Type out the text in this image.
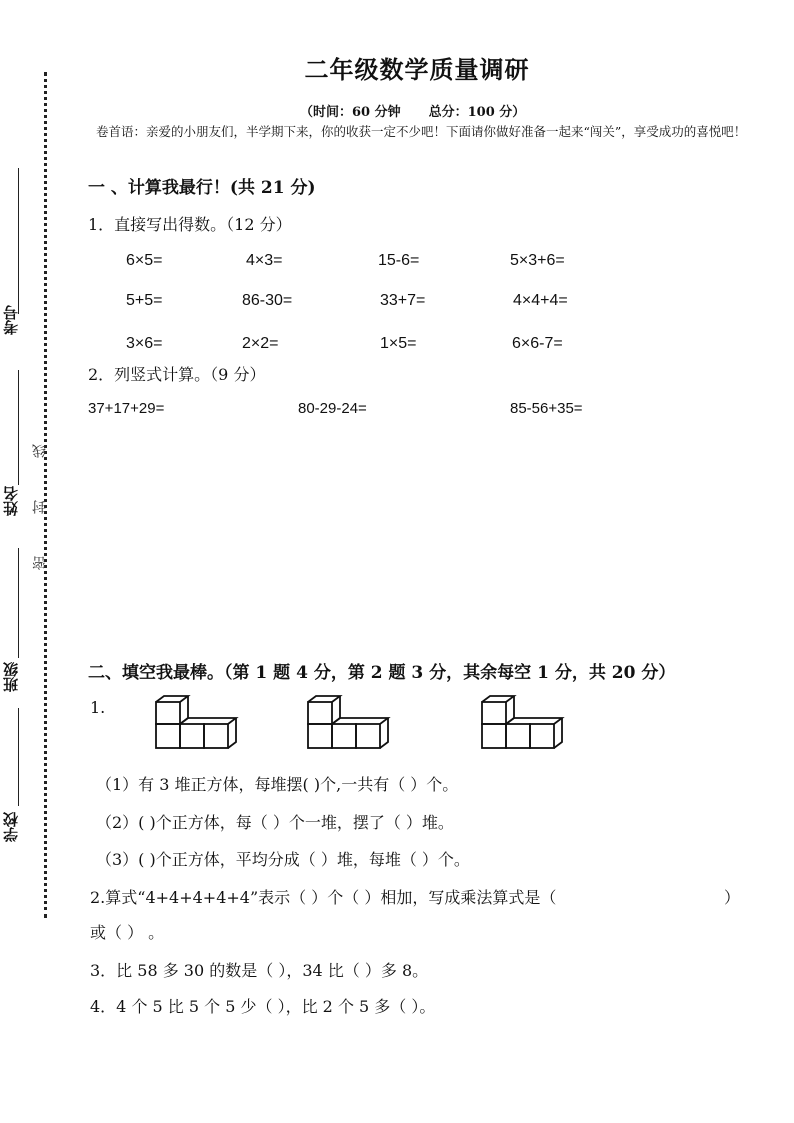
考号
姓名
班级
学校
线
封
密
二年级数学质量调研
（时间：60 分钟 总分：100 分）
卷首语：亲爱的小朋友们，半学期下来，你的收获一定不少吧！下面请你做好准备一起来“闯关”，享受成功的喜悦吧！
一 、计算我最行！(共 21 分)
1．直接写出得数。（12 分）
6×5=	4×3=	15-6=	5×3+6=
5+5=	86-30=	33+7=	4×4+4=
3×6=	2×2=	1×5=	6×6-7=
2．列竖式计算。（9 分）
37+17+29=	80-29-24=	85-56+35=
二、填空我最棒。（第 1 题 4 分，第 2 题 3 分，其余每空 1 分，共 20 分）
1.
（1）有 3 堆正方体，每堆摆( )个,一共有（ ）个。
（2）( )个正方体，每（ ）个一堆，摆了（ ）堆。
（3）( )个正方体，平均分成（ ）堆，每堆（ ）个。
2.算式“4+4+4+4+4”表示（ ）个（ ）相加，写成乘法算式是（	）
或（ ） 。
3．比 58 多 30 的数是（ ），34 比（ ）多 8。
4．4 个 5 比 5 个 5 少（ ），比 2 个 5 多（ ）。
